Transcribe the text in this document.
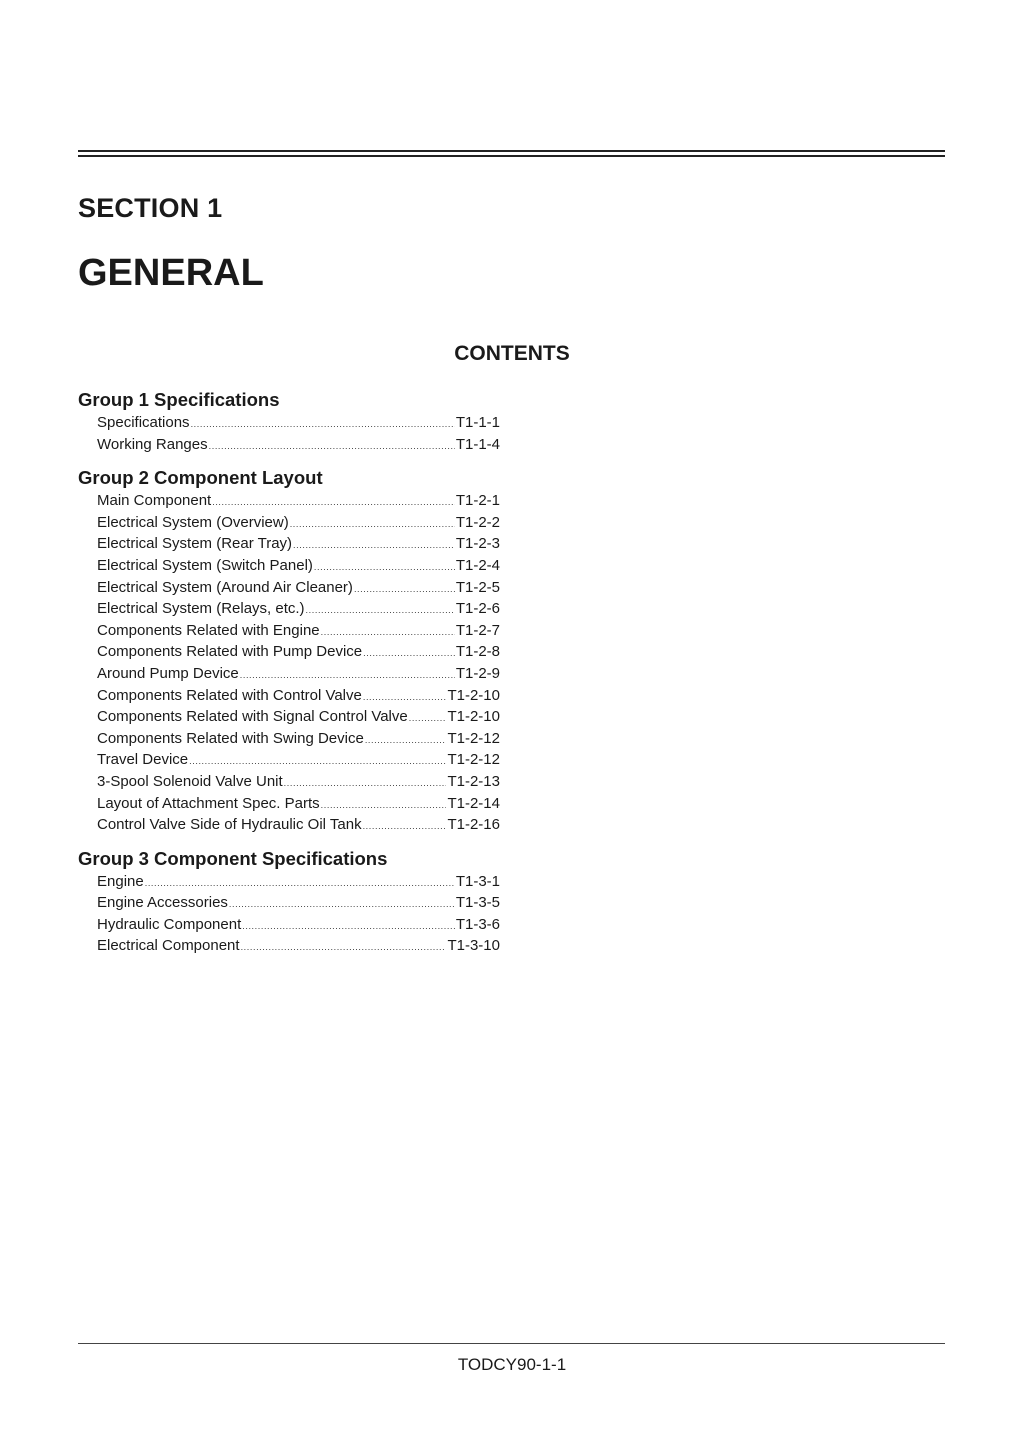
SECTION 1
GENERAL
CONTENTS
Group 1 Specifications
Specifications .....	T1-1-1
Working Ranges .....	T1-1-4
Group 2 Component Layout
Main Component .....	T1-2-1
Electrical System (Overview) .....	T1-2-2
Electrical System (Rear Tray) .....	T1-2-3
Electrical System (Switch Panel) .....	T1-2-4
Electrical System (Around Air Cleaner) .....	T1-2-5
Electrical System (Relays, etc.) .....	T1-2-6
Components Related with Engine .....	T1-2-7
Components Related with Pump Device .....	T1-2-8
Around Pump Device .....	T1-2-9
Components Related with Control Valve .....	T1-2-10
Components Related with Signal Control Valve .....	T1-2-10
Components Related with Swing Device .....	T1-2-12
Travel Device .....	T1-2-12
3-Spool Solenoid Valve Unit .....	T1-2-13
Layout of Attachment Spec. Parts .....	T1-2-14
Control Valve Side of Hydraulic Oil Tank .....	T1-2-16
Group 3 Component Specifications
Engine .....	T1-3-1
Engine Accessories .....	T1-3-5
Hydraulic Component .....	T1-3-6
Electrical Component .....	T1-3-10
TODCY90-1-1
